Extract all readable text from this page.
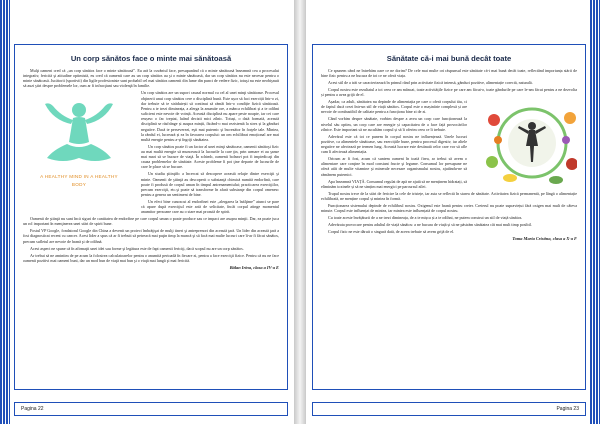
Un corp sănătos face o minte mai sănătoasă

Mulţi oameni cred că „un corp sănătos face o minte sănătoasă”. Eu ară la cuvântul face, presupunând că o minte sănătoasă înseamnă cea a procesului integrativ, fericită şi atitudine optimistă, eu cred că oamenii care au un corp sănătos au şi o minte sănătoasă, dar un corp sănătos nu este necesar pentru o minte sănătoasă. Jucătorii (sportivii) din ligile profesioniste sunt probabil cel mai sănătos oamenii din lume din punct de vedere fizic, totuşi nu este neobişnuit să auzi ştiri despre problemele lor, cum ar fi infracţiuni sau violenţă în familie.

A HEALTHY MIND IN A HEALTHY
BODY
Un corp sănătos are un suport cauzal normal cu cel al unei minţi sănătoase. Procesul obţinerii unui corp sănătos cere o disciplină bună. Este ușor să faci exerciții într-o zi, dar trebuie să te străduiești să continui să rămâi într-o condiție fizică sănătoasă. Pentru a te trezi dimineața, a alerga la anumite ore, a mânca echilibrat și a te odihni suficient este nevoie de voință. Această disciplină nu apare peste noapte, iar cei care reușesc o fac treptat, luând decizii mici zilnic. Totuși, o dată formată, această disciplină se răsfrânge și asupra minții, făcând-o mai rezistentă la stres și la gânduri negative. Dacă te perseverezi, eşti mai puternic şi încrezător în forţele tale. Mintea, la rândul ei, lucrează și ea în favoarea corpului: un om echilibrat emoțional are mai multă energie pentru a-și îngriji sănătatea.

Un corp sănătos poate fi un factor al unei minţi sănătoase, oamenii sănătoşi fizic au mai multă energie să muncească la lucrurile la care ţin, prin urmare ei au şanse mai mari să se bucure de viaţă. În schimb, oamenii bolnavi pot fi impiedicaţi din cauza problemelor de sănătate. Aceste probleme îi pot ţine departe de lucrurile de care le place să se bucure.

Un studiu ştiinţific a încercat să descopere această relaţie dintre exerciţii şi minte. Oamenii de ştiinţă au descoperit o substanţă chimică numită endorfină, care poate fi produsă de corpul uman în timpul antrenamentului; practicarea exerciţiilor, precum exerciţii, etc.şi poate să transforme în afară substanţe din corpul omenesc pentru a genera un sentiment de bine.

Un efect bine cunoscut al endorfinei este „alergarea la înălţime” atunci se pare că apare după exerciţiul este artă de selicitate, încât corpul atinge momentul anumitor persoane care au o stare mai proastă de spirit.

Oamenii de ştiinţă nu sunt încă siguri de cantitatea de endorfine pe care corpul uman o poate produce sau ce impact are asupra minţii. Dar, ea poate juca un rol important în menţinerea unei stări de spirit bune.

Fostul VP Google, fondatorul Google din China a devenit un proiect îmbrăţişat de mulţi tineri şi antreprenori din această ţară. Un lider din această ţară a fost diagnosticat recent cu cancer. Acest lider a spus că ar fi trebuit să petreacă mai puţin timp la muncă şi să facă mai multe lucruri care îi-ar fi făcut sănătos, precum sufletul are nevoie de hrană şi de odihnă.

Acest aspect ne spune că în afirmaţii unei idei sau forme şi legătura este de fapt oamenii fericiţi, dacă scopul nu are un corp sănătos.

Ar trebui să ne amintim de pe acum la folosirea calculatoarelor pentru o anumită perioadă în fiecare zi, pentru a face exerciţii fizice. Pentru că nu ne face oamenii pozitivi mai oameni buni, dar un mod bun de viaţă mai bun şi o viaţă mai lungă şi mai fericită.

Bălan Irina, clasa a IV-a E
Pagina 22
Sănătate că-i mai bună decât toate

Ce spunem când ne întrebăm oare ce ne dorim? De cele mai multe ori răspunsul este sănătate că-i mai bună decât toate, reflectând importanța stării de bine fizic pentru a ne bucura de tot ce ne oferă viața.

Acest stil de a trăi se caracterizează în primul rând prin activitate fizică intensă, gânduri pozitive, alimentație corectă, naturală.

Corpul nostru este rezultatul a tot ceea ce am mâncat, toate activitățile fizice pe care am făcut-o, toate gândurile pe care le-am făcut pentru a ne dezvolta și pentru a avea grijă de el.

Așadar, ca adult, sănătatea nu depinde de alimentația pe care o oferă corpului tău, ci de faptul dacă crezi într-un stil de viață sănătos. Corpul este o mașinărie complexă și are nevoie de combustibil de calitate pentru a funcționa bine zi de zi.

Când vorbim despre sănătate, vorbim despre a avea un corp care funcționează la nivelul său optim, un corp care are energie și capacitatea de a face față provocărilor zilnice. Este important să ne ascultăm corpul și să îi oferim ceea ce îi trebuie.

Adevărul este că tot ce punem în corpul nostru ne influențează. Unele lucruri pozitive, ca alimentele sănătoase, sau exercițiile bune, pentru procesul digestiv, iar altele negative ne afectează pe termen lung. Această lucrare este destinată celor care vor să afle cum îi afectează alimentația.

Oricum ar fi fost, acum că suntem oameni în toată firea, ar trebui să avem o alimentare care conţine în mod constant fructe şi legume. Consumul lor presupune ne oferă atât de multe vitamine şi minerale necesare organismului nostru, ajutându-ne să rămânem puternici.

Apa înseamnă VIAȚĂ. Consumul regulat de apă ne ajută să ne menținem hidratați, să eliminăm toxinele și să ne simțim mai energici pe parcursul zilei.

Trupul nostru trece de la stări de fericire la cele de tristețe, iar asta se reflectă în starea de sănătate. Activitatea fizică permanentă, pe lângă o alimentație echilibrată, ne menține corpul și mintea în formă.

Funcționarea sistemului depinde de echilibrul nostru. Oxigenul este hrană pentru creier. Creierul nu poate supraviețui fără oxigen mai mult de câteva minute. Corpul este influențat de mintea, iar mintea este influențată de corpul nostru.

Cu toate aceste învățăturii de a ne trezi dimineața, de a te mișca și a te odihni, ne putem construi un stil de viață sănătos.

Adevărata provocare pentru adultul de viață sănătos: a ne bucura de viață și să ne păstrăm sănătatea cât mai mult timp posibil.

Corpul fizic ne este dăruit o singură dată, de aceea trebuie să avem grijă de el.

Toma Maria Cristina, clasa a X-a F
Pagina 23
